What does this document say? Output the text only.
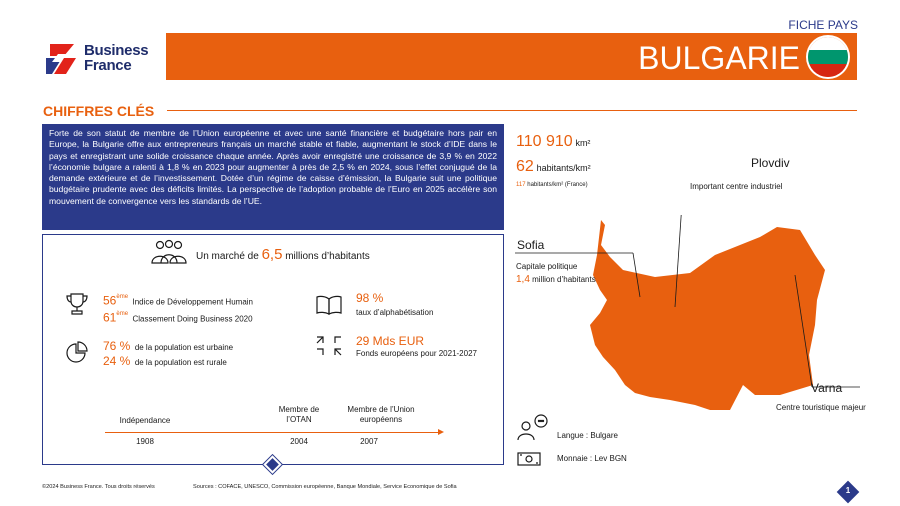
Business
France
FICHE PAYS
BULGARIE
CHIFFRES CLÉS
Forte de son statut de membre de l’Union européenne et avec une santé financière et budgétaire hors pair en Europe, la Bulgarie offre aux entrepreneurs français un marché stable et fiable, augmentant le stock d’IDE dans le pays et enregistrant une solide croissance chaque année. Après avoir enregistré une croissance de 3,9 % en 2022 l’économie bulgare a ralenti à 1,8 % en 2023 pour augmenter à près de 2,5 % en 2024, sous l’effet conjugué de la demande extérieure et de l’investissement. Dotée d’un régime de caisse d’émission, la Bulgarie suit une politique budgétaire prudente avec des déficits limités. La perspective de l’adoption probable de l’Euro en 2025 accélère son mouvement de convergence vers les standards de l’UE.
Un marché de 6,5 millions d’habitants
56ème Indice de Développement Humain
61ème Classement Doing Business 2020
98 %
taux d’alphabétisation
76 % de la population est urbaine
24 % de la population est rurale
29 Mds EUR
Fonds européens pour 2021-2027
Indépendance
Membre de l’OTAN
Membre de l’Union européenns
1908	2004	2007
©2024 Business France. Tous droits réservés	Sources : COFACE, UNESCO, Commission européenne, Banque Mondiale, Service Economique de Sofia	1
110 910 km²
62 habitants/km²
117 habitants/km² (France)
Plovdiv
Important centre industriel
Sofia
Capitale politique
1,4 million d’habitants
Varna
Centre touristique majeur
Langue : Bulgare
Monnaie : Lev BGN
